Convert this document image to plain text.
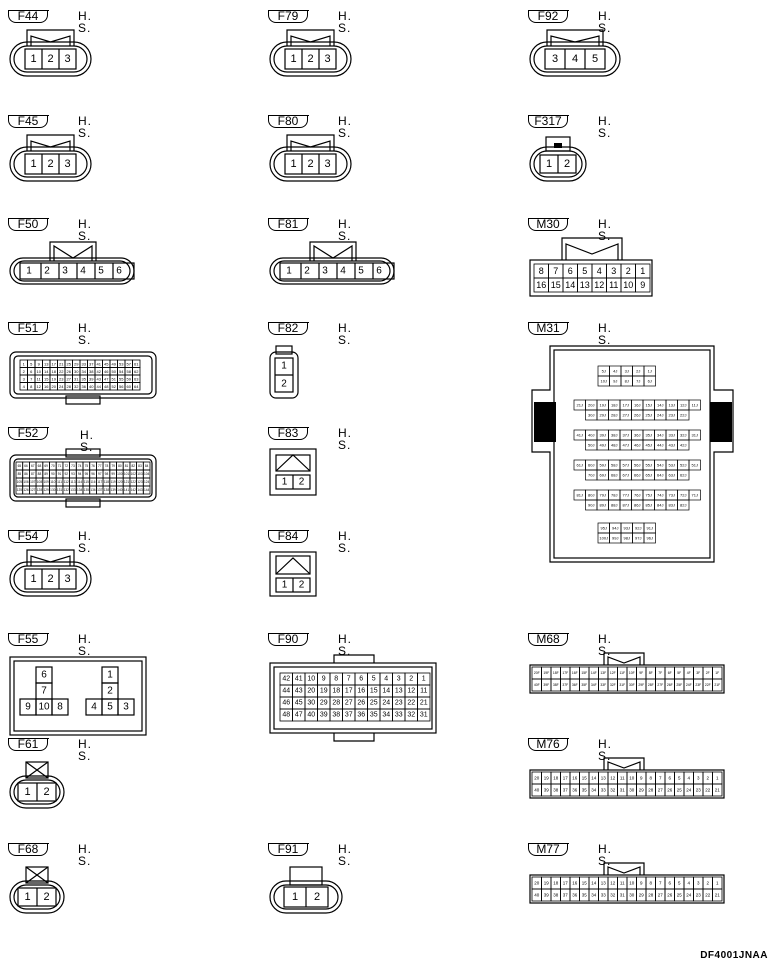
F44	H. S.
1 2 3
F79	H. S.
1 2 3
F92	H. S.
3 4 5
F45	H. S.
1 2 3
F80	H. S.
1 2 3
F54	H. S.
1 2 3
F317	H. S.
1 2
F50	H. S.
1 2 3 4 5 6
F81	H. S.
1 2 3 4 5 6
M30	H. S.
8 7 6 5 4 3 2 1
16 15 14 13 12 11 10 9
F51	H. S.
1 5 9 13 17 21 25 29 33 37 41 45 49 53 57 61
2 6 10 14 18 22 26 30 34 38 42 46 50 54 58 62
3 7 11 15 19 23 27 31 35 39 43 47 51 55 59 63
4 8 12 16 20 24 28 32 36 40 44 48 52 56 60 64
F82	H. S.
1
2
M31	H. S.
5J 4J 3J 2J 1J
10J 9J 8J 7J 6J
21J 20J 19J 18J 17J 16J 15J 14J 13J 12J 11J
30J 29J 28J 27J 26J 25J 24J 23J 22J
41J 40J 39J 38J 37J 36J 35J 34J 33J 32J 31J
50J 49J 48J 47J 46J 45J 44J 43J 42J
61J 60J 59J 58J 57J 56J 55J 54J 53J 52J 51J
70J 69J 68J 67J 66J 65J 64J 63J 62J
81J 80J 79J 78J 77J 76J 75J 74J 73J 72J 71J
90J 89J 88J 87J 86J 85J 84J 83J 82J
95J 94J 93J 92J 91J
100J 99J 98J 97J 96J
F52	H. S.
65 66 67 68 69 70 71 72 73 74 75 76 77 78 79 80 81 82 83 84
85 86 87 88 89 90 91 92 93 94 95 96 97 98 99 100 101 102 103 104
105 106 107 108 109 110 111 112 113 114 115 116 117 118 119 120 121 122 123 124
125 126 127 128 129 130 131 132 133 134 135 136 137 138 139 140 141 142 143 144
F83	H. S.
1 2
F84	H. S.
1 2
F61	H. S.
1 2
F68	H. S.
1 2
F91	H. S.
1 2
F55	H. S.
6
7
9 10 8
1
2
4 5 3
F90	H. S.
42 41 10 9 8 7 6 5 4 3 2 1
44 43 20 19 18 17 16 15 14 13 12 11
46 45 30 29 28 27 26 25 24 23 22 21
48 47 40 39 38 37 36 35 34 33 32 31
M68	H. S.
20F 19F 18F 17F 16F 15F 14F 13F 12F 11F 10F 9F 8F 7F 6F 5F 4F 3F 2F 1F
40F 39F 38F 37F 36F 35F 34F 33F 32F 31F 30F 29F 28F 27F 26F 25F 24F 23F 22F 21F
M76	H. S.
20 19 18 17 16 15 14 13 12 11 10 9 8 7 6 5 4 3 2 1
40 39 38 37 36 35 34 33 32 31 30 29 28 27 26 25 24 23 22 21
M77	H. S.
20 19 18 17 16 15 14 13 12 11 10 9 8 7 6 5 4 3 2 1
40 39 38 37 36 35 34 33 32 31 30 29 28 27 26 25 24 23 22 21
DF4001JNAA
